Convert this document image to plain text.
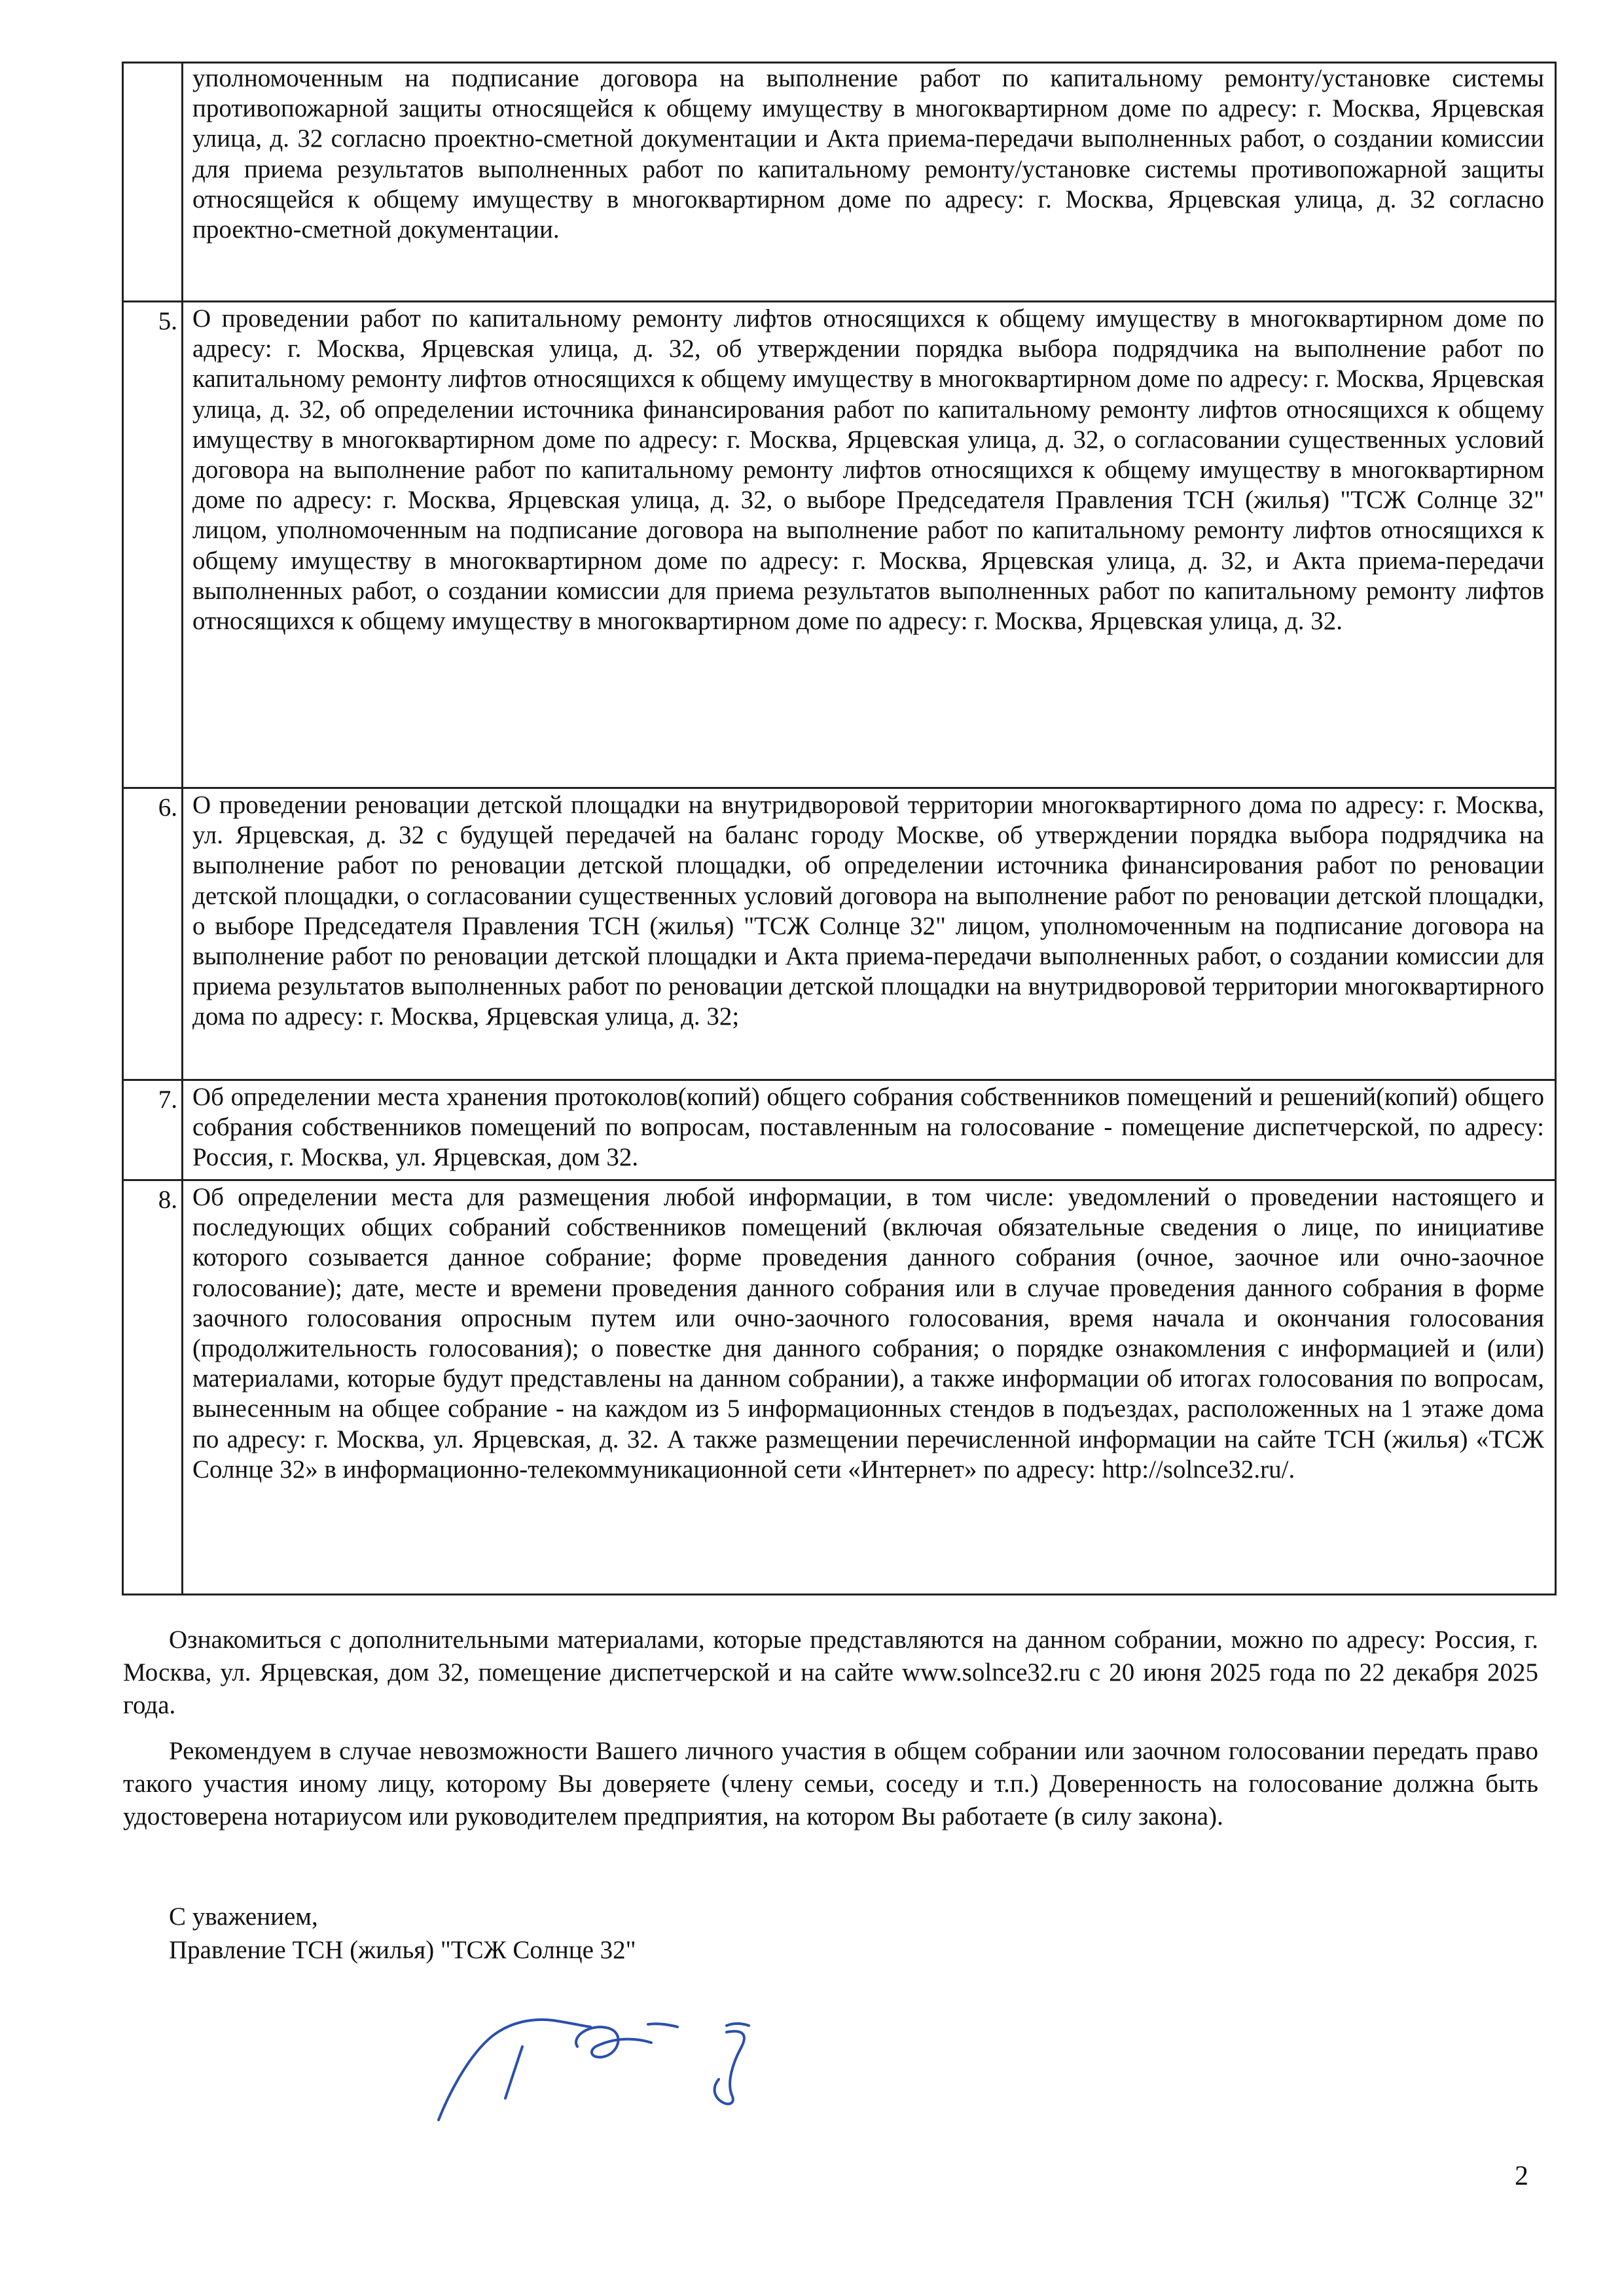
	уполномоченным на подписание договора на выполнение работ по капитальному ремонту/установке системы противопожарной защиты относящейся к общему имуществу в многоквартирном доме по адресу: г. Москва, Ярцевская улица, д. 32 согласно проектно-сметной документации и Акта приема-передачи выполненных работ, о создании комиссии для приема результатов выполненных работ по капитальному ремонту/установке системы противопожарной защиты относящейся к общему имуществу в многоквартирном доме по адресу: г. Москва, Ярцевская улица, д. 32 согласно проектно-сметной документации.
5.	О проведении работ по капитальному ремонту лифтов относящихся к общему имуществу в многоквартирном доме по адресу: г. Москва, Ярцевская улица, д. 32, об утверждении порядка выбора подрядчика на выполнение работ по капитальному ремонту лифтов относящихся к общему имуществу в многоквартирном доме по адресу: г. Москва, Ярцевская улица, д. 32, об определении источника финансирования работ по капитальному ремонту лифтов относящихся к общему имуществу в многоквартирном доме по адресу: г. Москва, Ярцевская улица, д. 32, о согласовании существенных условий договора на выполнение работ по капитальному ремонту лифтов относящихся к общему имуществу в многоквартирном доме по адресу: г. Москва, Ярцевская улица, д. 32, о выборе Председателя Правления ТСН (жилья) "ТСЖ Солнце 32" лицом, уполномоченным на подписание договора на выполнение работ по капитальному ремонту лифтов относящихся к общему имуществу в многоквартирном доме по адресу: г. Москва, Ярцевская улица, д. 32, и Акта приема-передачи выполненных работ, о создании комиссии для приема результатов выполненных работ по капитальному ремонту лифтов относящихся к общему имуществу в многоквартирном доме по адресу: г. Москва, Ярцевская улица, д. 32.
6.	О проведении реновации детской площадки на внутридворовой территории многоквартирного дома по адресу: г. Москва, ул. Ярцевская, д. 32 с будущей передачей на баланс городу Москве, об утверждении порядка выбора подрядчика на выполнение работ по реновации детской площадки, об определении источника финансирования работ по реновации детской площадки, о согласовании существенных условий договора на выполнение работ по реновации детской площадки, о выборе Председателя Правления ТСН (жилья) "ТСЖ Солнце 32" лицом, уполномоченным на подписание договора на выполнение работ по реновации детской площадки и Акта приема-передачи выполненных работ, о создании комиссии для приема результатов выполненных работ по реновации детской площадки на внутридворовой территории многоквартирного дома по адресу: г. Москва, Ярцевская улица, д. 32;
7.	Об определении места хранения протоколов(копий) общего собрания собственников помещений и решений(копий) общего собрания собственников помещений по вопросам, поставленным на голосование - помещение диспетчерской, по адресу: Россия, г. Москва, ул. Ярцевская, дом 32.
8.	Об определении места для размещения любой информации, в том числе: уведомлений о проведении настоящего и последующих общих собраний собственников помещений (включая обязательные сведения о лице, по инициативе которого созывается данное собрание; форме проведения данного собрания (очное, заочное или очно-заочное голосование); дате, месте и времени проведения данного собрания или в случае проведения данного собрания в форме заочного голосования опросным путем или очно-заочного голосования, время начала и окончания голосования (продолжительность голосования); о повестке дня данного собрания; о порядке ознакомления с информацией и (или) материалами, которые будут представлены на данном собрании), а также информации об итогах голосования по вопросам, вынесенным на общее собрание - на каждом из 5 информационных стендов в подъездах, расположенных на 1 этаже дома по адресу: г. Москва, ул. Ярцевская, д. 32. А также размещении перечисленной информации на сайте ТСН (жилья) «ТСЖ Солнце 32» в информационно-телекоммуникационной сети «Интернет» по адресу: http://solnce32.ru/.

Ознакомиться с дополнительными материалами, которые представляются на данном собрании, можно по адресу: Россия, г. Москва, ул. Ярцевская, дом 32, помещение диспетчерской и на сайте www.solnce32.ru с 20 июня 2025 года по 22 декабря 2025 года.

Рекомендуем в случае невозможности Вашего личного участия в общем собрании или заочном голосовании передать право такого участия иному лицу, которому Вы доверяете (члену семьи, соседу и т.п.) Доверенность на голосование должна быть удостоверена нотариусом или руководителем предприятия, на котором Вы работаете (в силу закона).

С уважением,
Правление ТСН (жилья) "ТСЖ Солнце 32"
2
